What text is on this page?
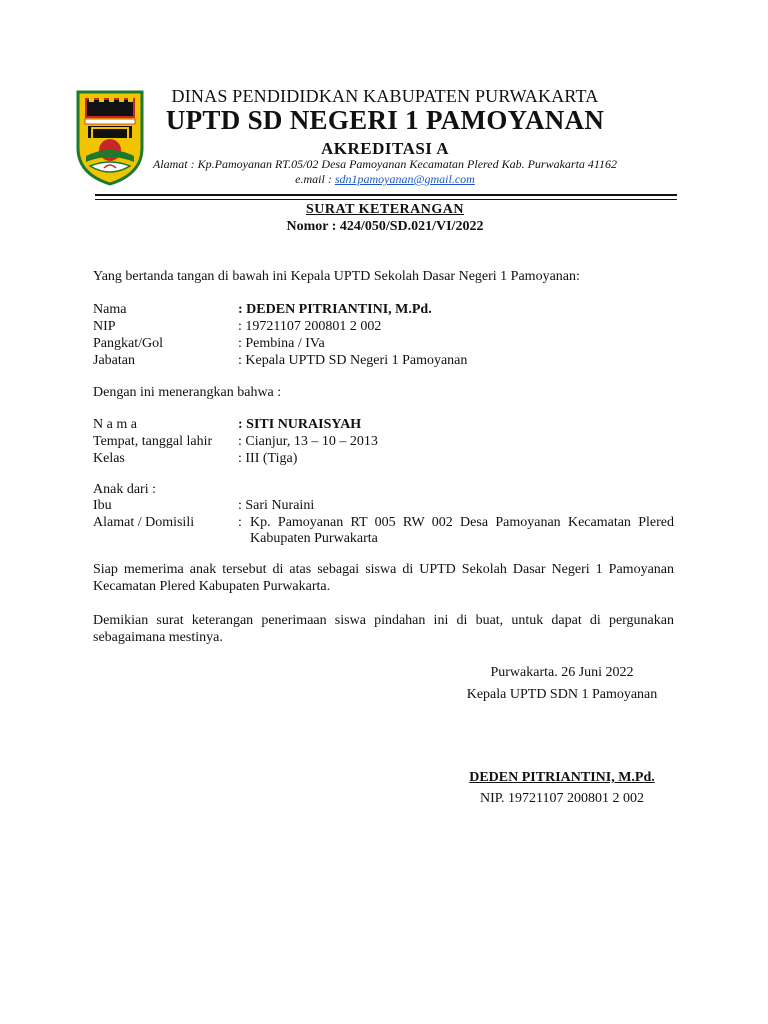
DINAS PENDIDIDKAN KABUPATEN PURWAKARTA
UPTD SD NEGERI 1 PAMOYANAN
AKREDITASI A
Alamat : Kp.Pamoyanan RT.05/02 Desa Pamoyanan Kecamatan Plered Kab. Purwakarta 41162
e.mail : sdn1pamoyanan@gmail.com
SURAT KETERANGAN
Nomor : 424/050/SD.021/VI/2022
Yang bertanda tangan di bawah ini Kepala UPTD Sekolah Dasar Negeri 1 Pamoyanan:
Nama	: DEDEN PITRIANTINI, M.Pd.
NIP	: 19721107 200801 2 002
Pangkat/Gol	: Pembina / IVa
Jabatan	: Kepala UPTD SD Negeri 1 Pamoyanan
Dengan ini menerangkan bahwa :
N a m a	: SITI NURAISYAH
Tempat, tanggal lahir : Cianjur, 13 – 10 – 2013
Kelas	: III (Tiga)
Anak dari :
Ibu	: Sari Nuraini
Alamat / Domisili	: Kp. Pamoyanan RT 005 RW 002 Desa Pamoyanan Kecamatan Plered
Kabupaten Purwakarta
Siap memerima anak tersebut di atas sebagai siswa di UPTD Sekolah Dasar Negeri 1 Pamoyanan
Kecamatan Plered Kabupaten Purwakarta.
Demikian surat keterangan penerimaan siswa pindahan ini di buat, untuk dapat di pergunakan
sebagaimana mestinya.
Purwakarta. 26 Juni 2022
Kepala UPTD SDN 1 Pamoyanan
DEDEN PITRIANTINI, M.Pd.
NIP. 19721107 200801 2 002
